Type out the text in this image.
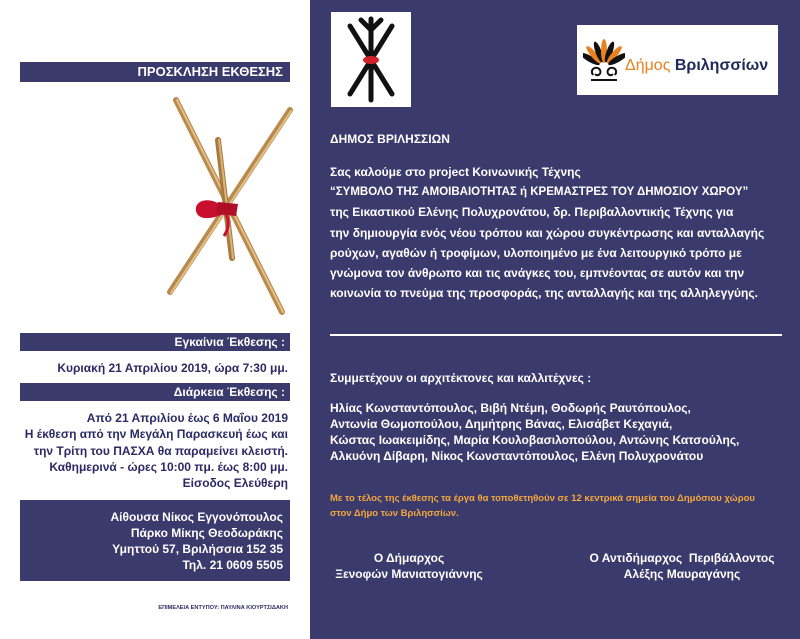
ΠΡΟΣΚΛΗΣΗ ΕΚΘΕΣΗΣ
Εγκαίνια Έκθεσης :
Κυριακή 21 Απριλίου 2019, ώρα 7:30 μμ.
Διάρκεια Έκθεσης :
Από 21 Απριλίου έως 6 Μαΐου 2019
Η έκθεση από την Μεγάλη Παρασκευή έως και
την Τρίτη του ΠΑΣΧΑ θα παραμείνει κλειστή.
Καθημερινά - ώρες 10:00 πμ. έως 8:00 μμ.
Είσοδος Ελεύθερη
Αίθουσα Νίκος Εγγονόπουλος
Πάρκο Μίκης Θεοδωράκης
Υμηττού 57, Βριλήσσια 152 35
Τηλ. 21 0609 5505
ΕΠΙΜΕΛΕΙΑ ΕΝΤΥΠΟΥ: ΠΑΥΛΙΝΑ ΚΙΟΥΡΤΣΙΔΑΚΗ
Δήμος Βριλησσίων
ΔΗΜΟΣ ΒΡΙΛΗΣΣΙΩΝ
Σας καλούμε στο project Κοινωνικής Τέχνης
“ΣΥΜΒΟΛΟ ΤΗΣ ΑΜΟΙΒΑΙΟΤΗΤΑΣ ή ΚΡΕΜΑΣΤΡΕΣ ΤΟΥ ΔΗΜΟΣΙΟΥ ΧΩΡΟΥ”
της Εικαστικού Ελένης Πολυχρονάτου, δρ. Περιβαλλοντικής Τέχνης για
την δημιουργία ενός νέου τρόπου και χώρου συγκέντρωσης και ανταλλαγής
ρούχων, αγαθών ή τροφίμων, υλοποιημένο με ένα λειτουργικό τρόπο με
γνώμονα τον άνθρωπο και τις ανάγκες του, εμπνέοντας σε αυτόν και την
κοινωνία το πνεύμα της προσφοράς, της ανταλλαγής και της αλληλεγγύης.
Συμμετέχουν οι αρχιτέκτονες και καλλιτέχνες :
Ηλίας Κωνσταντόπουλος, Βιβή Ντέμη, Θοδωρής Ραυτόπουλος,
Αντωνία Θωμοπούλου, Δημήτρης Βάνας, Ελισάβετ Κεχαγιά,
Κώστας Ιωακειμίδης, Μαρία Κουλοβασιλοπούλου, Αντώνης Κατσούλης,
Αλκυόνη Δίβαρη, Νίκος Κωνσταντόπουλος, Ελένη Πολυχρονάτου
Με το τέλος της έκθεσης τα έργα θα τοποθετηθούν σε 12 κεντρικά σημεία του Δημόσιου χώρου
στον Δήμο των Βριλησσίων.
Ο Δήμαρχος
Ξενοφών Μανιατογιάννης
Ο Αντιδήμαρχος  Περιβάλλοντος
Αλέξης Μαυραγάνης
